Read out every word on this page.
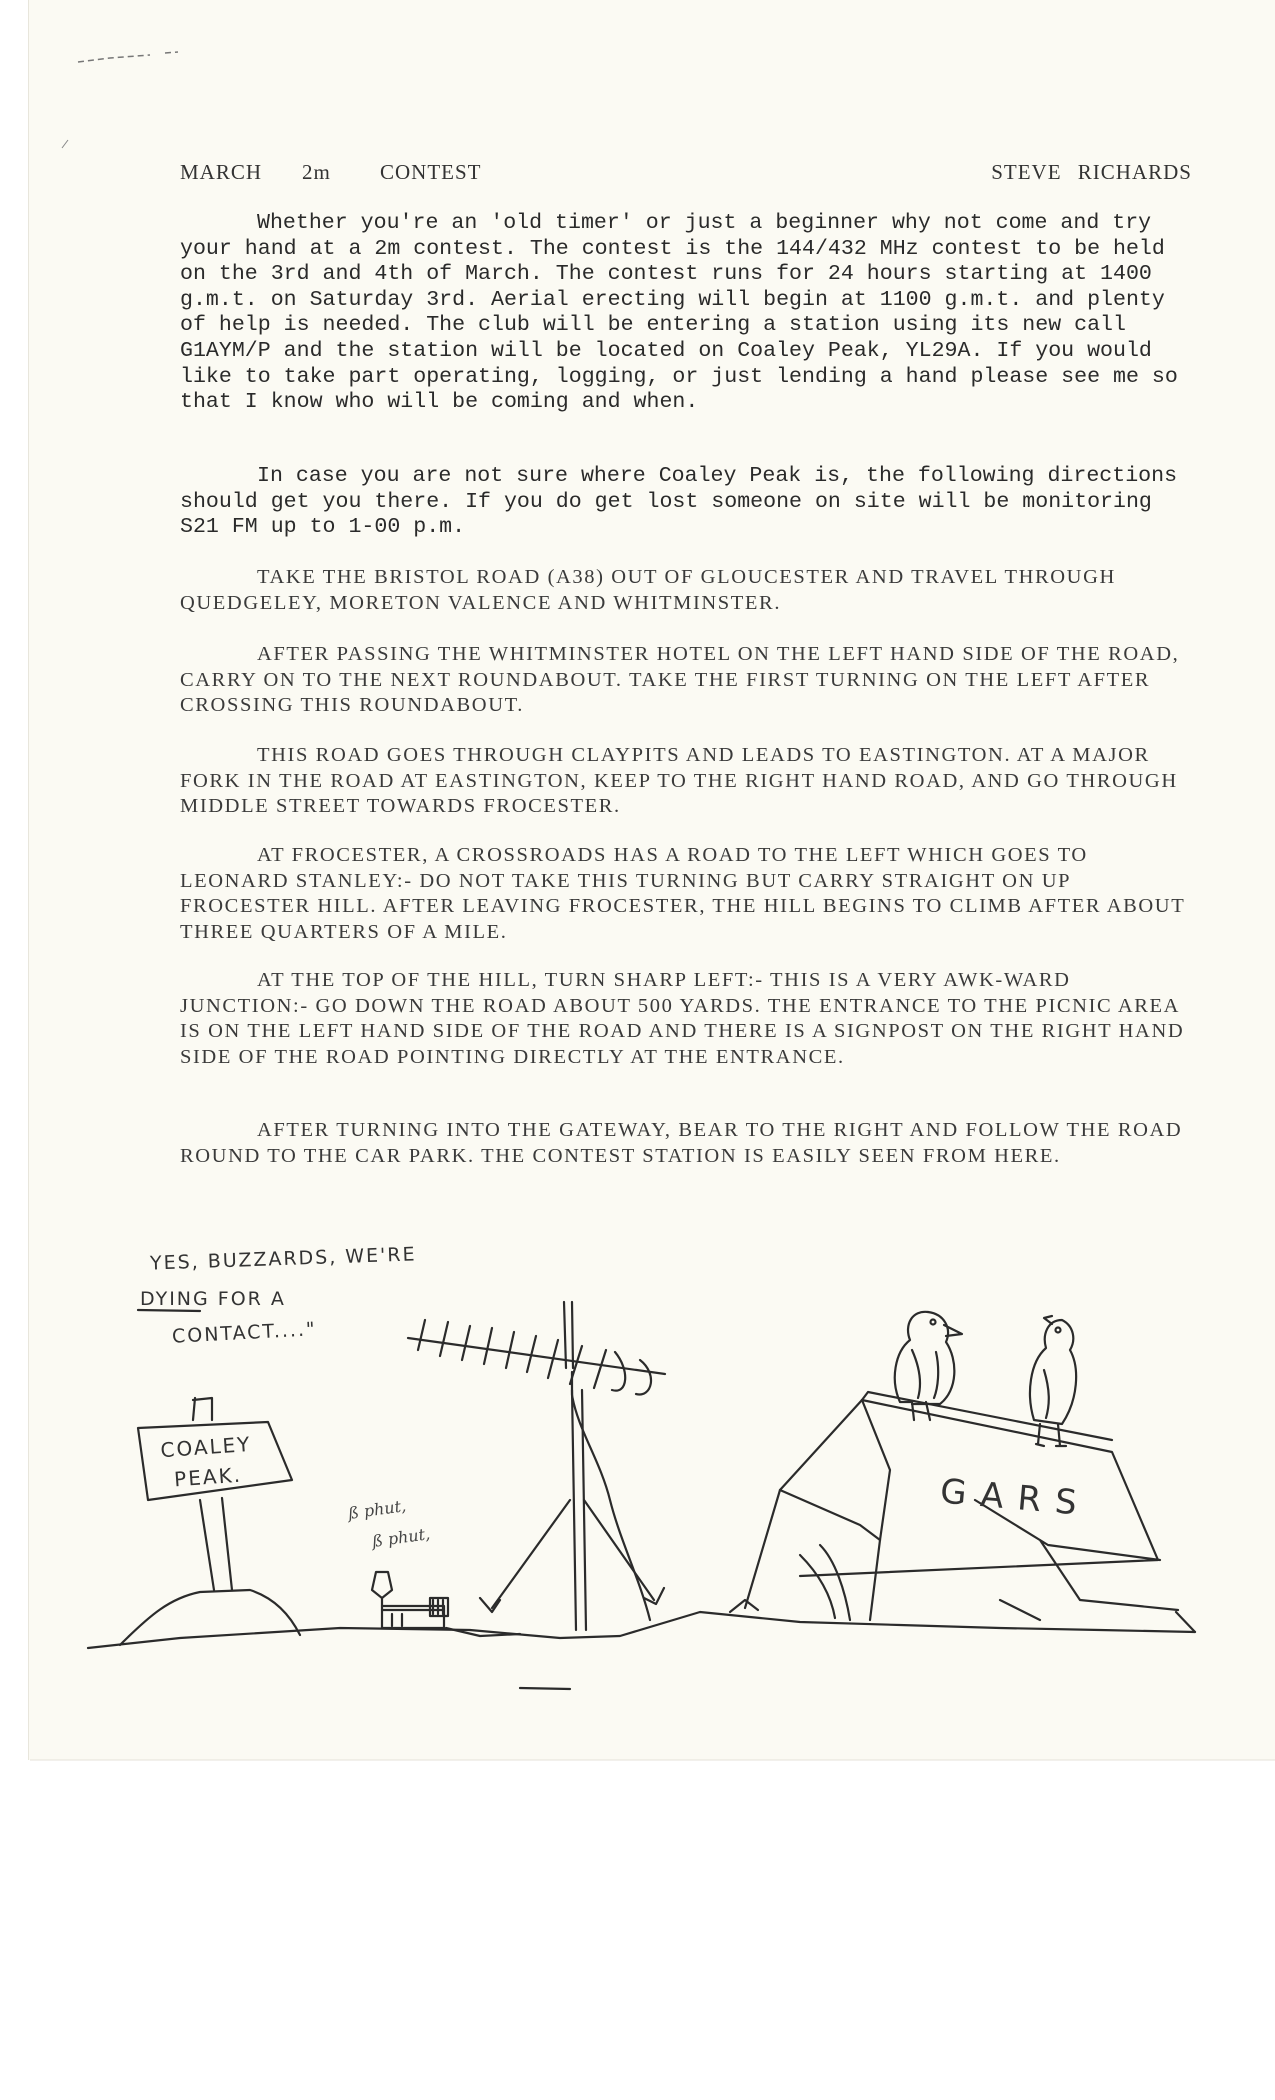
MARCH 2m CONTEST	STEVE RICHARDS

Whether you're an 'old timer' or just a beginner why not come and try your hand at a 2m contest. The contest is the 144/432 MHz contest to be held on the 3rd and 4th of March. The contest runs for 24 hours starting at 1400 g.m.t. on Saturday 3rd. Aerial erecting will begin at 1100 g.m.t. and plenty of help is needed. The club will be entering a station using its new call G1AYM/P and the station will be located on Coaley Peak, YL29A. If you would like to take part operating, logging, or just lending a hand please see me so that I know who will be coming and when.

In case you are not sure where Coaley Peak is, the following directions should get you there. If you do get lost someone on site will be monitoring S21 FM up to 1-00 p.m.

TAKE THE BRISTOL ROAD (A38) OUT OF GLOUCESTER AND TRAVEL THROUGH QUEDGELEY, MORETON VALENCE AND WHITMINSTER.

AFTER PASSING THE WHITMINSTER HOTEL ON THE LEFT HAND SIDE OF THE ROAD, CARRY ON TO THE NEXT ROUNDABOUT. TAKE THE FIRST TURNING ON THE LEFT AFTER CROSSING THIS ROUNDABOUT.

THIS ROAD GOES THROUGH CLAYPITS AND LEADS TO EASTINGTON. AT A MAJOR FORK IN THE ROAD AT EASTINGTON, KEEP TO THE RIGHT HAND ROAD, AND GO THROUGH MIDDLE STREET TOWARDS FROCESTER.

AT FROCESTER, A CROSSROADS HAS A ROAD TO THE LEFT WHICH GOES TO LEONARD STANLEY:- DO NOT TAKE THIS TURNING BUT CARRY STRAIGHT ON UP FROCESTER HILL. AFTER LEAVING FROCESTER, THE HILL BEGINS TO CLIMB AFTER ABOUT THREE QUARTERS OF A MILE.

AT THE TOP OF THE HILL, TURN SHARP LEFT:- THIS IS A VERY AWK-WARD JUNCTION:- GO DOWN THE ROAD ABOUT 500 YARDS. THE ENTRANCE TO THE PICNIC AREA IS ON THE LEFT HAND SIDE OF THE ROAD AND THERE IS A SIGNPOST ON THE RIGHT HAND SIDE OF THE ROAD POINTING DIRECTLY AT THE ENTRANCE.

AFTER TURNING INTO THE GATEWAY, BEAR TO THE RIGHT AND FOLLOW THE ROAD ROUND TO THE CAR PARK. THE CONTEST STATION IS EASILY SEEN FROM HERE.

YES, BUZZARDS, WE'RE
DYING FOR A
CONTACT...."
COALEY
PEAK.	GARS
ß phut,
ß phut,
